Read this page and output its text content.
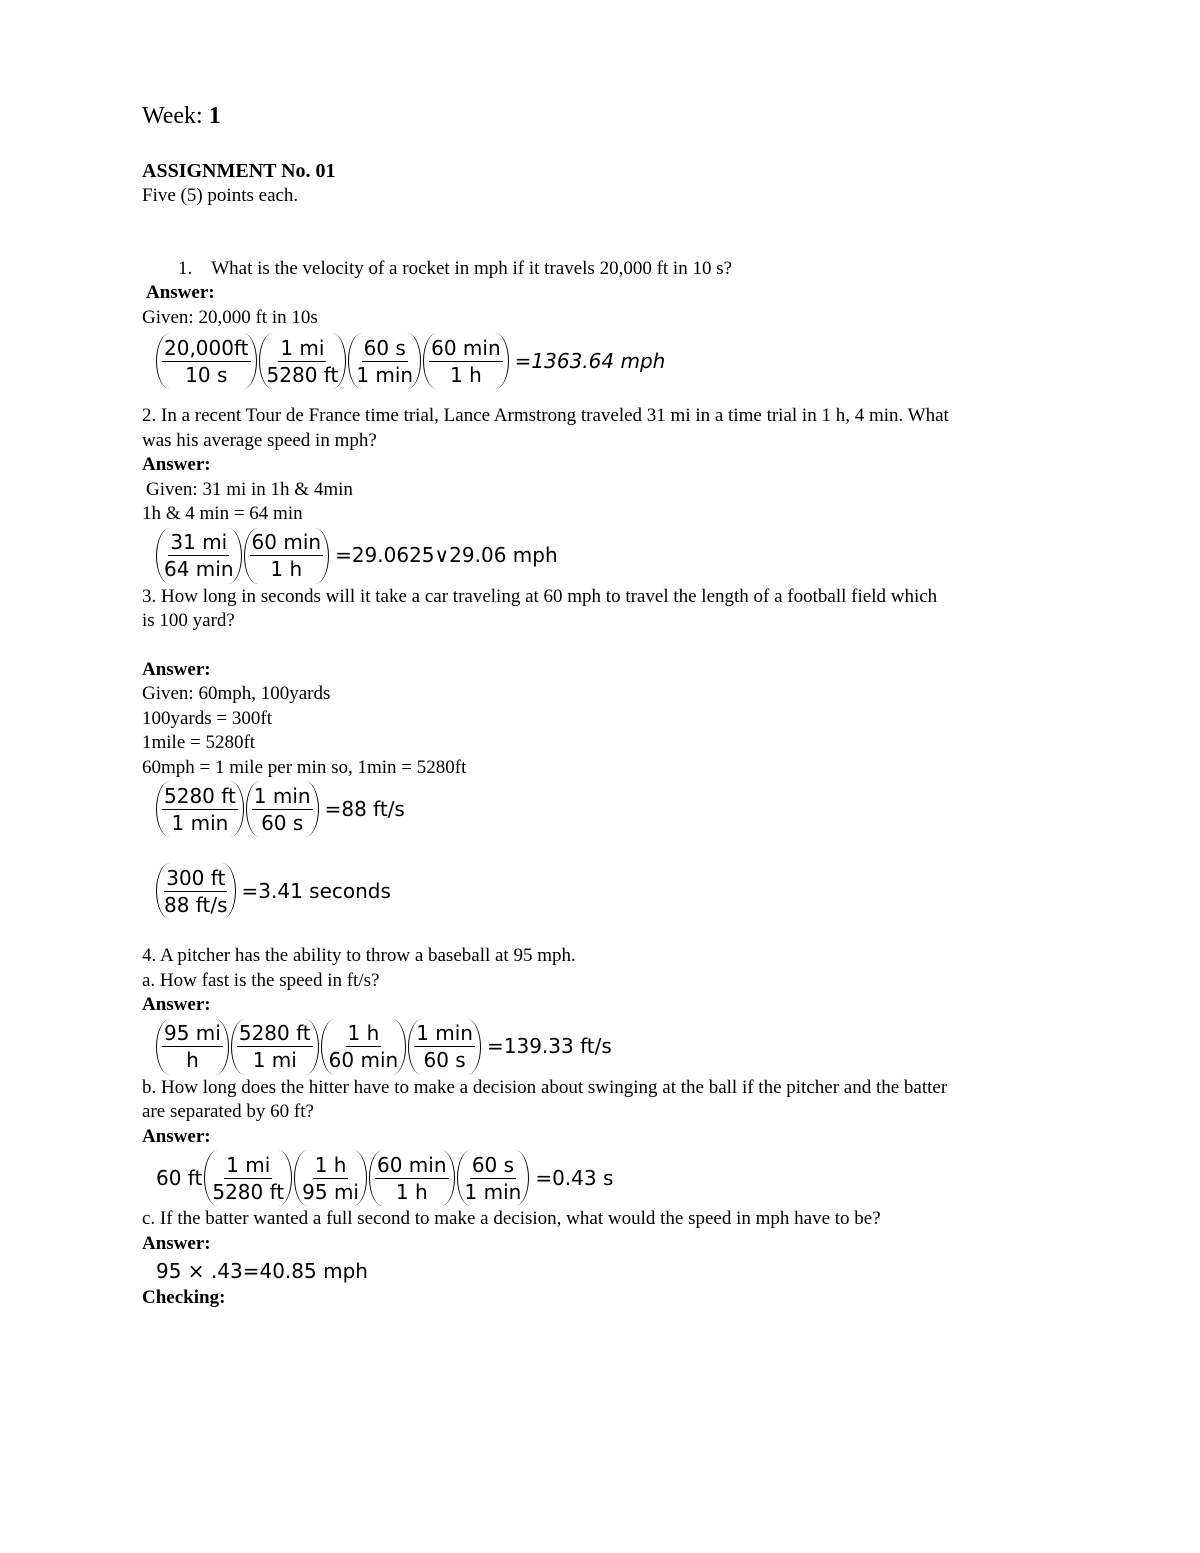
Week: 1
ASSIGNMENT No. 01
Five (5) points each.
1. What is the velocity of a rocket in mph if it travels 20,000 ft in 10 s?
Answer:
Given: 20,000 ft in 10s
$\frac{20,000ft}{10 s} \frac{1 mi}{5280 ft} \frac{60 s}{1 \min} \frac{60 \min}{1 h} =1363.64$ mph
2. In a recent Tour de France time trial, Lance Armstrong traveled 31 mi in a time trial in 1 h, 4 min. What
was his average speed in mph?
Answer:
Given: 31 mi in 1h & 4min
1h & 4 min = 64 min
$\frac{31 mi}{64 \min} \frac{60 \min}{1 h}$ =29.0625∨29.06 mph
3. How long in seconds will it take a car traveling at 60 mph to travel the length of a football field which
is 100 yard?
Answer:
Given: 60mph, 100yards
100yards = 300ft
1mile = 5280ft
60mph = 1 mile per min so, 1min = 5280ft
$\frac{5280 ft}{1 \min} \frac{1 \min}{60 s} =88$ ft/s
$\frac{300 ft}{88 ft/s} =3.41$ seconds
4. A pitcher has the ability to throw a baseball at 95 mph.
a. How fast is the speed in ft/s?
Answer:
$\frac{95 mi}{h} \frac{5280 ft}{1 mi} \frac{1 h}{60 \min} \frac{1 \min}{60 s} =139.33$ ft/s
b. How long does the hitter have to make a decision about swinging at the ball if the pitcher and the batter
are separated by 60 ft?
Answer:
60 ft $\frac{1 mi}{5280 ft} \frac{1 h}{95 mi} \frac{60 \min}{1 h} \frac{60 s}{1 \min} =0.43$ s
c. If the batter wanted a full second to make a decision, what would the speed in mph have to be?
Answer:
95 × .43=40.85 mph
Checking:
